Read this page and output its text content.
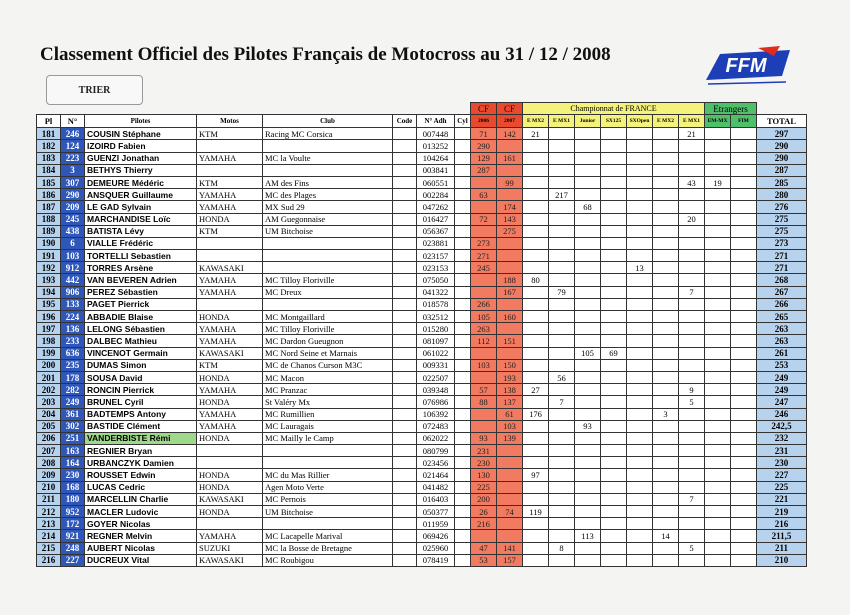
Classement Officiel des Pilotes Français de Motocross au 31 / 12 / 2008
TRIER
FFM
								CF	CF	Championnat de FRANCE							Etrangers		
Pl	N°	Pilotes	Motos	Club	Code	N° Adh	Cyl	2006	2007	E MX2	E MX1	Junior	SX125	SXOpen	E MX2	E MX1	EM-MX	FIM	TOTAL
181	246	COUSIN Stéphane	KTM	Racing MC Corsica		007448		71	142	21						21			297
182	124	IZOIRD Fabien				013252		290											290
183	223	GUENZI Jonathan	YAMAHA	MC la Voulte		104264		129	161										290
184	3	BETHYS Thierry				003841		287											287
185	307	DEMEURE Médéric	KTM	AM des Fins		060551			99							43	19		285
186	290	ANSQUER Guillaume	YAMAHA	MC des Plages		002284		63			217								280
187	209	LE GAD Sylvain	YAMAHA	MX Sud 29		047262			174			68							276
188	245	MARCHANDISE Loïc	HONDA	AM Guegonnaise		016427		72	143							20			275
189	438	BATISTA Lévy	KTM	UM Bitchoise		056367			275										275
190	6	VIALLE Frédéric				023881		273											273
191	103	TORTELLI Sebastien				023157		271											271
192	912	TORRES Arsène	KAWASAKI			023153		245						13					271
193	442	VAN BEVEREN Adrien	YAMAHA	MC Tilloy Floriville		075050			188	80									268
194	906	PEREZ Sébastien	YAMAHA	MC Dreux		041322			167		79					7			267
195	133	PAGET Pierrick				018578		266											266
196	224	ABBADIE Blaise	HONDA	MC Montgaillard		032512		105	160										265
197	136	LELONG Sébastien	YAMAHA	MC Tilloy Floriville		015280		263											263
198	233	DALBEC Mathieu	YAMAHA	MC Dardon Gueugnon		081097		112	151										263
199	636	VINCENOT Germain	KAWASAKI	MC Nord Seine et Marnais		061022						105	69						261
200	235	DUMAS Simon	KTM	MC de Chanos Curson M3C		009331		103	150										253
201	178	SOUSA David	HONDA	MC Macon		022507			193		56								249
202	282	RONCIN Pierrick	YAMAHA	MC Pranzac		039348		57	138	27						9			249
203	249	BRUNEL Cyril	HONDA	St Valéry Mx		076986		88	137		7					5			247
204	361	BADTEMPS Antony	YAMAHA	MC Rumillien		106392			61	176					3				246
205	302	BASTIDE Clément	YAMAHA	MC Lauragais		072483			103			93							242,5
206	251	VANDERBISTE Rémi	HONDA	MC Mailly le Camp		062022		93	139										232
207	163	REGNIER Bryan				080799		231											231
208	164	URBANCZYK Damien				023456		230											230
209	230	ROUSSET Edwin	HONDA	MC du Mas Rillier		021464		130		97									227
210	168	LUCAS Cedric	HONDA	Agen Moto Verte		041482		225											225
211	180	MARCELLIN Charlie	KAWASAKI	MC Pernois		016403		200								7			221
212	952	MACLER Ludovic	HONDA	UM Bitchoise		050377		26	74	119									219
213	172	GOYER Nicolas				011959		216											216
214	921	REGNER Melvin	YAMAHA	MC Lacapelle Marival		069426						113			14				211,5
215	248	AUBERT Nicolas	SUZUKI	MC la Bosse de Bretagne		025960		47	141		8					5			211
216	227	DUCREUX Vital	KAWASAKI	MC Roubigou		078419		53	157										210
